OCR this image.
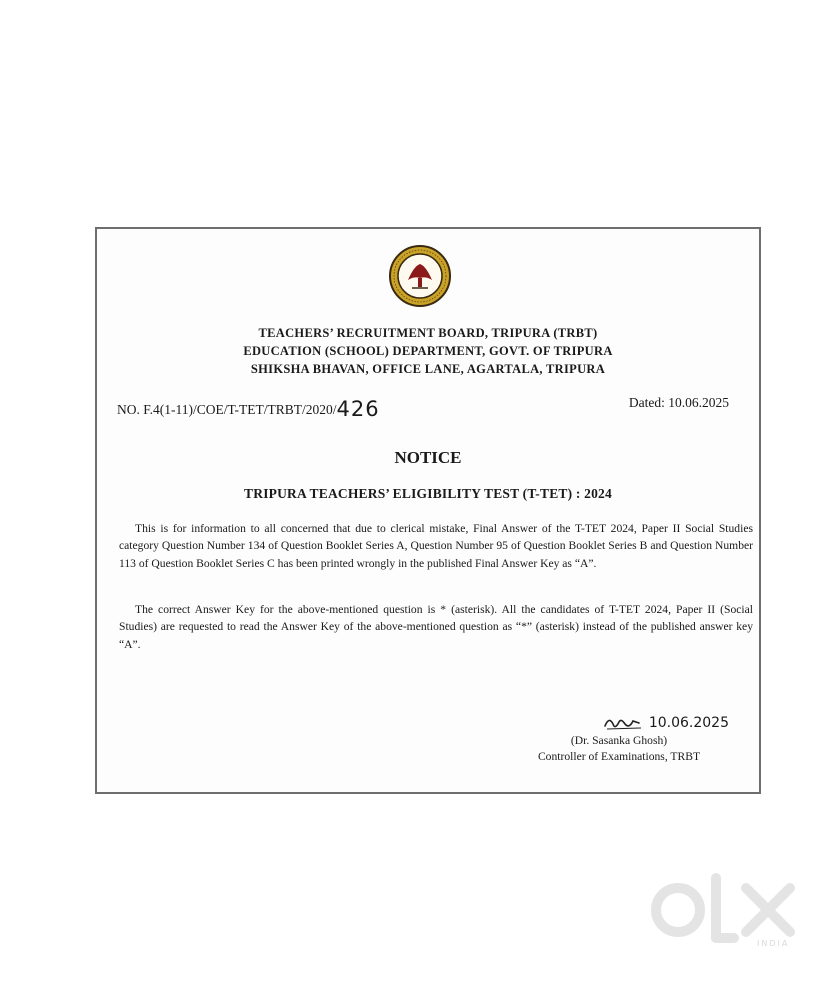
TEACHERS’ RECRUITMENT BOARD, TRIPURA (TRBT)
EDUCATION (SCHOOL) DEPARTMENT, GOVT. OF TRIPURA
SHIKSHA BHAVAN, OFFICE LANE, AGARTALA, TRIPURA
NO. F.4(1-11)/COE/T-TET/TRBT/2020/426	Dated: 10.06.2025
NOTICE
TRIPURA TEACHERS’ ELIGIBILITY TEST (T-TET) : 2024
This is for information to all concerned that due to clerical mistake, Final Answer of the T-TET 2024, Paper II Social Studies category Question Number 134 of Question Booklet Series A, Question Number 95 of Question Booklet Series B and Question Number 113 of Question Booklet Series C has been printed wrongly in the published Final Answer Key as “A”.
The correct Answer Key for the above-mentioned question is * (asterisk). All the candidates of T-TET 2024, Paper II (Social Studies) are requested to read the Answer Key of the above-mentioned question as “*” (asterisk) instead of the published answer key “A”.
10.06.2025
(Dr. Sasanka Ghosh)
Controller of Examinations, TRBT
INDIA
